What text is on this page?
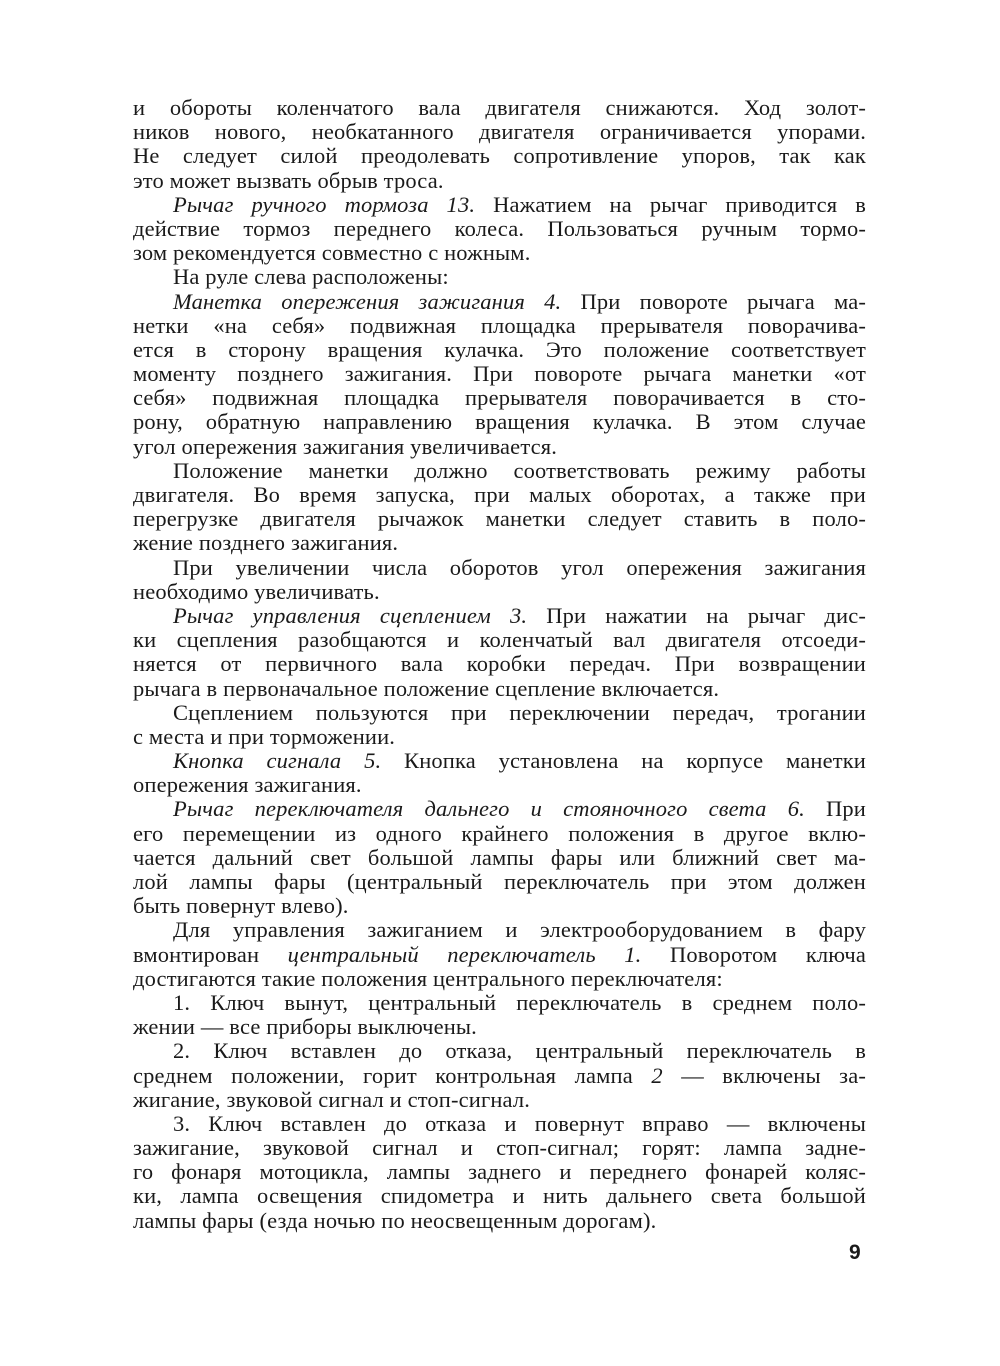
и обороты коленчатого вала двигателя снижаются. Ход золот-
ников нового, необкатанного двигателя ограничивается упорами.
Не следует силой преодолевать сопротивление упоров, так как
это может вызвать обрыв троса.
Рычаг ручного тормоза 13. Нажатием на рычаг приводится в
действие тормоз переднего колеса. Пользоваться ручным тормо-
зом рекомендуется совместно с ножным.
На руле слева расположены:
Манетка опережения зажигания 4. При повороте рычага ма-
нетки «на себя» подвижная площадка прерывателя поворачива-
ется в сторону вращения кулачка. Это положение соответствует
моменту позднего зажигания. При повороте рычага манетки «от
себя» подвижная площадка прерывателя поворачивается в сто-
рону, обратную направлению вращения кулачка. В этом случае
угол опережения зажигания увеличивается.
Положение манетки должно соответствовать режиму работы
двигателя. Во время запуска, при малых оборотах, а также при
перегрузке двигателя рычажок манетки следует ставить в поло-
жение позднего зажигания.
При увеличении числа оборотов угол опережения зажигания
необходимо увеличивать.
Рычаг управления сцеплением 3. При нажатии на рычаг дис-
ки сцепления разобщаются и коленчатый вал двигателя отсоеди-
няется от первичного вала коробки передач. При возвращении
рычага в первоначальное положение сцепление включается.
Сцеплением пользуются при переключении передач, трогании
с места и при торможении.
Кнопка сигнала 5. Кнопка установлена на корпусе манетки
опережения зажигания.
Рычаг переключателя дальнего и стояночного света 6. При
его перемещении из одного крайнего положения в другое вклю-
чается дальний свет большой лампы фары или ближний свет ма-
лой лампы фары (центральный переключатель при этом должен
быть повернут влево).
Для управления зажиганием и электрооборудованием в фару
вмонтирован центральный переключатель 1. Поворотом ключа
достигаются такие положения центрального переключателя:
1. Ключ вынут, центральный переключатель в среднем поло-
жении — все приборы выключены.
2. Ключ вставлен до отказа, центральный переключатель в
среднем положении, горит контрольная лампа 2 — включены за-
жигание, звуковой сигнал и стоп-сигнал.
3. Ключ вставлен до отказа и повернут вправо — включены
зажигание, звуковой сигнал и стоп-сигнал; горят: лампа задне-
го фонаря мотоцикла, лампы заднего и переднего фонарей коляс-
ки, лампа освещения спидометра и нить дальнего света большой
лампы фары (езда ночью по неосвещенным дорогам).
9
